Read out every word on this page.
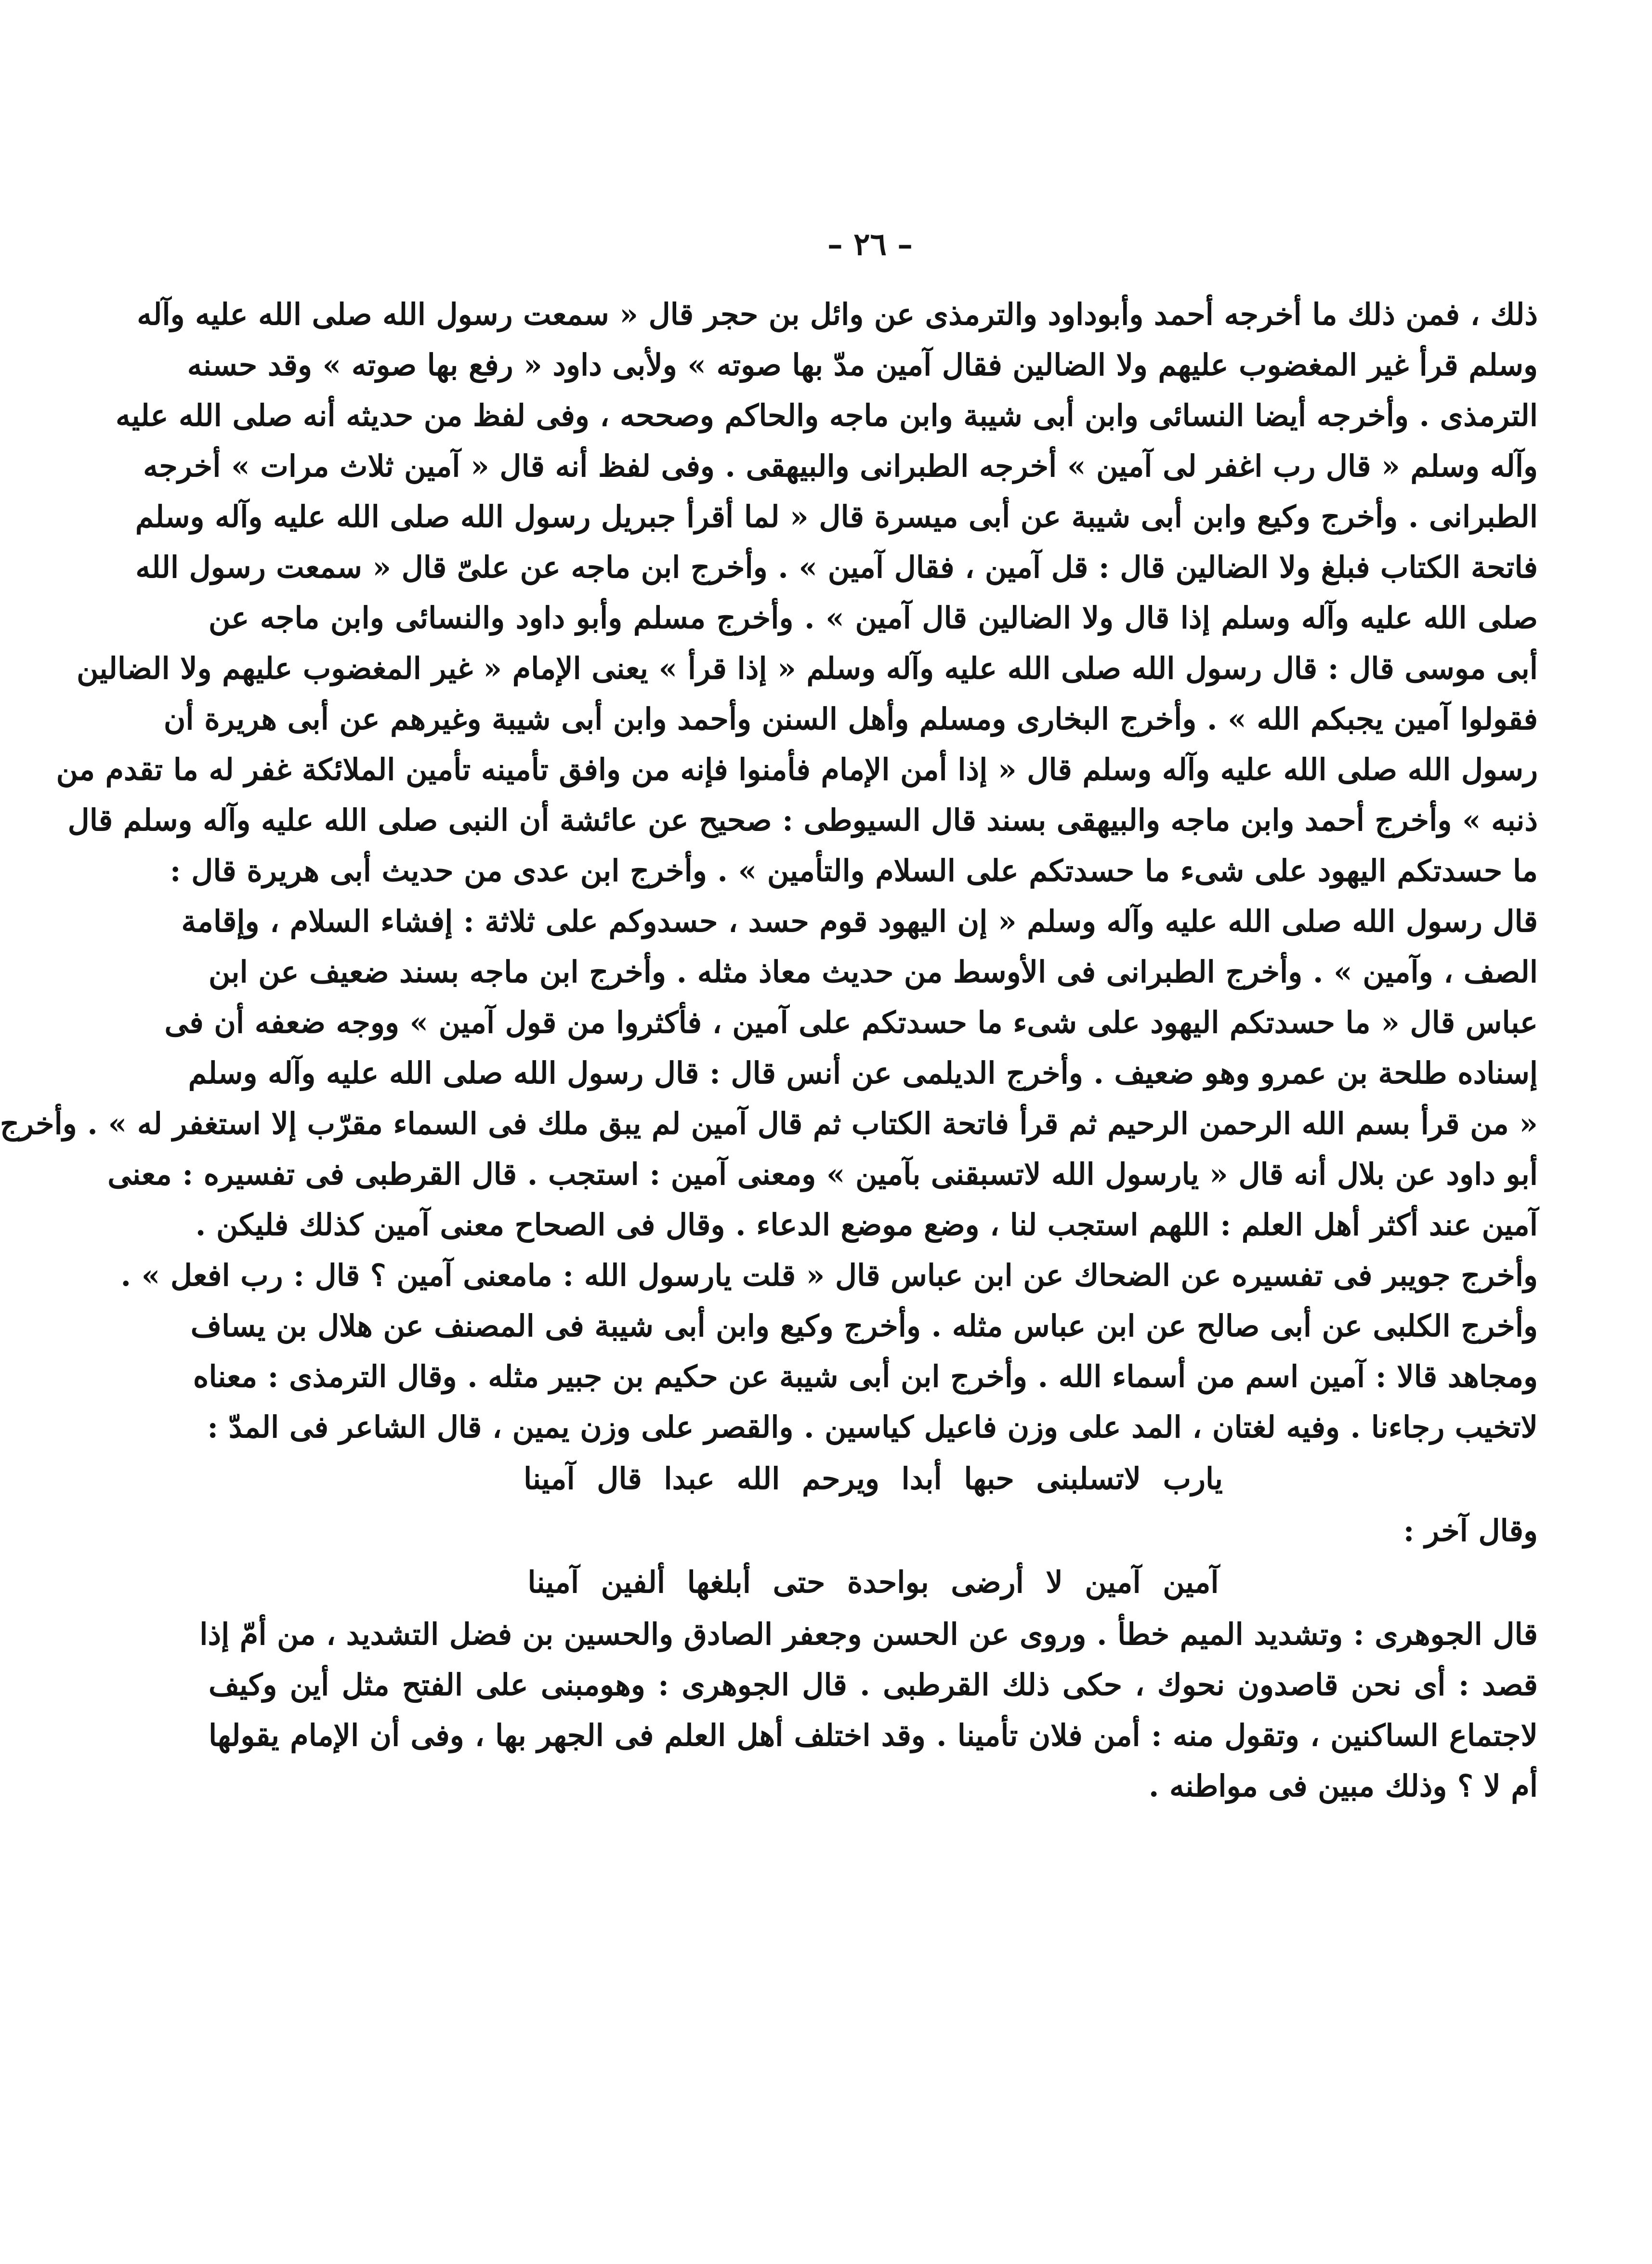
– ٢٦ –
ذلك ، فمن ذلك ما أخرجه أحمد وأبوداود والترمذى عن وائل بن حجر قال « سمعت رسول الله صلى الله عليه وآله
وسلم قرأ غير المغضوب عليهم ولا الضالين فقال آمين مدّ بها صوته » ولأبى داود « رفع بها صوته » وقد حسنه
الترمذى . وأخرجه أيضا النسائى وابن أبى شيبة وابن ماجه والحاكم وصححه ، وفى لفظ من حديثه أنه صلى الله عليه
وآله وسلم « قال رب اغفر لى آمين » أخرجه الطبرانى والبيهقى . وفى لفظ أنه قال « آمين ثلاث مرات » أخرجه
الطبرانى . وأخرج وكيع وابن أبى شيبة عن أبى ميسرة قال « لما أقرأ جبريل رسول الله صلى الله عليه وآله وسلم
فاتحة الكتاب فبلغ ولا الضالين قال : قل آمين ، فقال آمين » . وأخرج ابن ماجه عن علىّ قال « سمعت رسول الله
صلى الله عليه وآله وسلم إذا قال ولا الضالين قال آمين » . وأخرج مسلم وأبو داود والنسائى وابن ماجه عن
أبى موسى قال : قال رسول الله صلى الله عليه وآله وسلم « إذا قرأ » يعنى الإمام « غير المغضوب عليهم ولا الضالين
فقولوا آمين يجبكم الله » . وأخرج البخارى ومسلم وأهل السنن وأحمد وابن أبى شيبة وغيرهم عن أبى هريرة أن
رسول الله صلى الله عليه وآله وسلم قال « إذا أمن الإمام فأمنوا فإنه من وافق تأمينه تأمين الملائكة غفر له ما تقدم من
ذنبه » وأخرج أحمد وابن ماجه والبيهقى بسند قال السيوطى : صحيح عن عائشة أن النبى صلى الله عليه وآله وسلم قال
ما حسدتكم اليهود على شىء ما حسدتكم على السلام والتأمين » . وأخرج ابن عدى من حديث أبى هريرة قال :
قال رسول الله صلى الله عليه وآله وسلم « إن اليهود قوم حسد ، حسدوكم على ثلاثة : إفشاء السلام ، وإقامة
الصف ، وآمين » . وأخرج الطبرانى فى الأوسط من حديث معاذ مثله . وأخرج ابن ماجه بسند ضعيف عن ابن
عباس قال « ما حسدتكم اليهود على شىء ما حسدتكم على آمين ، فأكثروا من قول آمين » ووجه ضعفه أن فى
إسناده طلحة بن عمرو وهو ضعيف . وأخرج الديلمى عن أنس قال : قال رسول الله صلى الله عليه وآله وسلم
« من قرأ بسم الله الرحمن الرحيم ثم قرأ فاتحة الكتاب ثم قال آمين لم يبق ملك فى السماء مقرّب إلا استغفر له » . وأخرج
أبو داود عن بلال أنه قال « يارسول الله لاتسبقنى بآمين » ومعنى آمين : استجب . قال القرطبى فى تفسيره : معنى
آمين عند أكثر أهل العلم : اللهم استجب لنا ، وضع موضع الدعاء . وقال فى الصحاح معنى آمين كذلك فليكن .
وأخرج جويبر فى تفسيره عن الضحاك عن ابن عباس قال « قلت يارسول الله : مامعنى آمين ؟ قال : رب افعل » .
وأخرج الكلبى عن أبى صالح عن ابن عباس مثله . وأخرج وكيع وابن أبى شيبة فى المصنف عن هلال بن يساف
ومجاهد قالا : آمين اسم من أسماء الله . وأخرج ابن أبى شيبة عن حكيم بن جبير مثله . وقال الترمذى : معناه
لاتخيب رجاءنا . وفيه لغتان ، المد على وزن فاعيل كياسين . والقصر على وزن يمين ، قال الشاعر فى المدّ :
يارب لاتسلبنى حبها أبدا ويرحم الله عبدا قال آمينا
وقال آخر :
آمين آمين لا أرضى بواحدة حتى أبلغها ألفين آمينا
قال الجوهرى : وتشديد الميم خطأ . وروى عن الحسن وجعفر الصادق والحسين بن فضل التشديد ، من أمّ إذا
قصد : أى نحن قاصدون نحوك ، حكى ذلك القرطبى . قال الجوهرى : وهومبنى على الفتح مثل أين وكيف
لاجتماع الساكنين ، وتقول منه : أمن فلان تأمينا . وقد اختلف أهل العلم فى الجهر بها ، وفى أن الإمام يقولها
أم لا ؟ وذلك مبين فى مواطنه .
